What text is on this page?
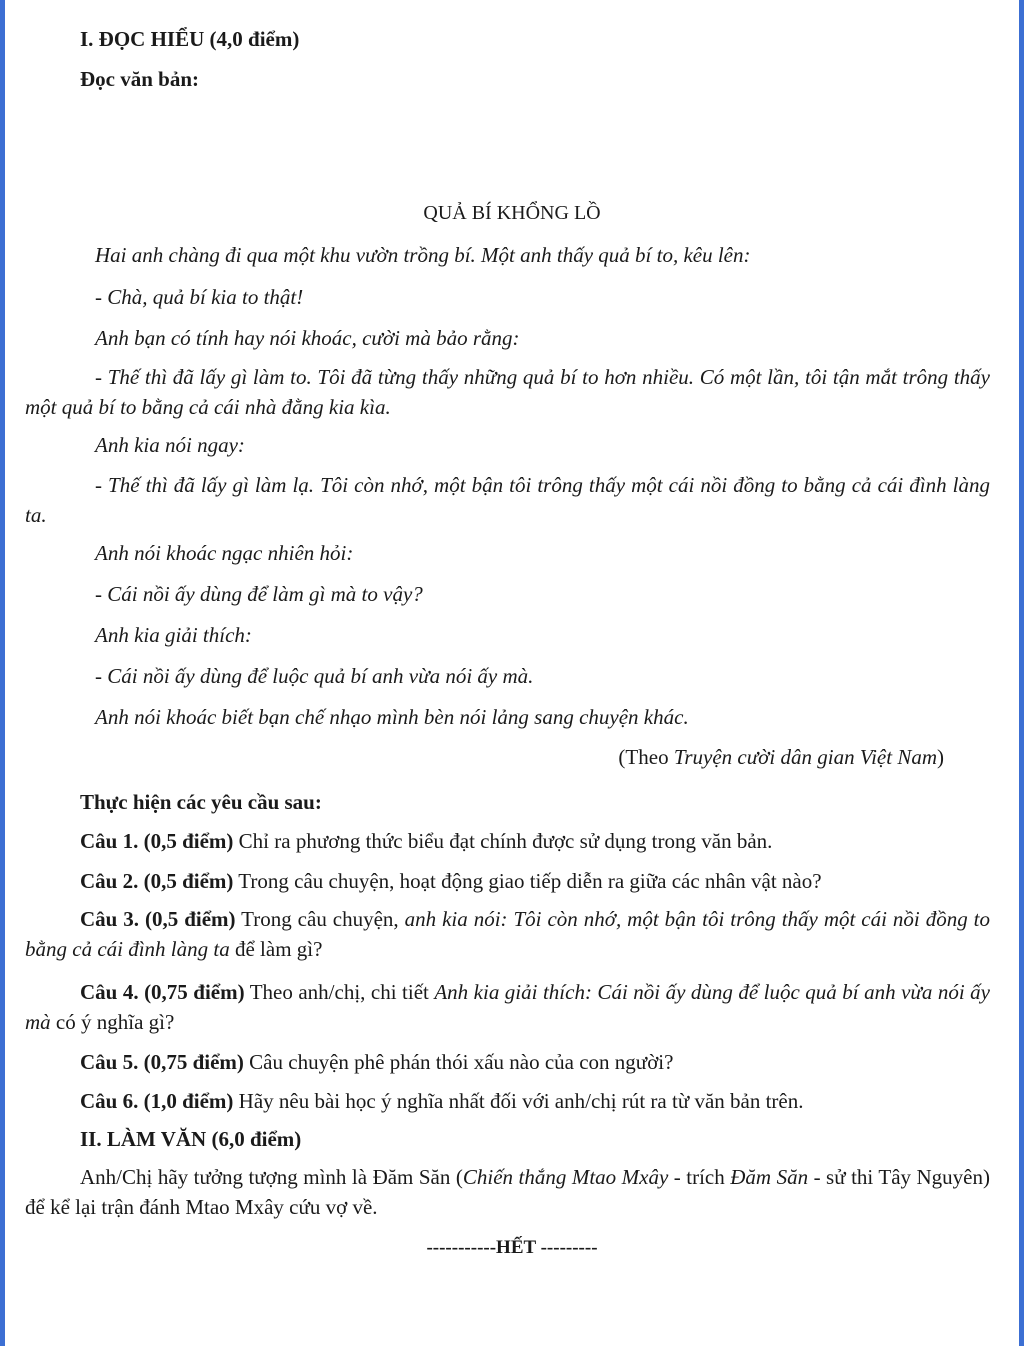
I. ĐỌC HIỂU (4,0 điểm)
Đọc văn bản:
QUẢ BÍ KHỔNG LỒ
Hai anh chàng đi qua một khu vườn trồng bí. Một anh thấy quả bí to, kêu lên:
- Chà, quả bí kia to thật!
Anh bạn có tính hay nói khoác, cười mà bảo rằng:
- Thế thì đã lấy gì làm to. Tôi đã từng thấy những quả bí to hơn nhiều. Có một lần, tôi tận mắt trông thấy một quả bí to bằng cả cái nhà đằng kia kìa.
Anh kia nói ngay:
- Thế thì đã lấy gì làm lạ. Tôi còn nhớ, một bận tôi trông thấy một cái nồi đồng to bằng cả cái đình làng ta.
Anh nói khoác ngạc nhiên hỏi:
- Cái nồi ấy dùng để làm gì mà to vậy?
Anh kia giải thích:
- Cái nồi ấy dùng để luộc quả bí anh vừa nói ấy mà.
Anh nói khoác biết bạn chế nhạo mình bèn nói lảng sang chuyện khác.
(Theo Truyện cười dân gian Việt Nam)
Thực hiện các yêu cầu sau:
Câu 1. (0,5 điểm) Chỉ ra phương thức biểu đạt chính được sử dụng trong văn bản.
Câu 2. (0,5 điểm) Trong câu chuyện, hoạt động giao tiếp diễn ra giữa các nhân vật nào?
Câu 3. (0,5 điểm) Trong câu chuyện, anh kia nói: Tôi còn nhớ, một bận tôi trông thấy một cái nồi đồng to bằng cả cái đình làng ta để làm gì?
Câu 4. (0,75 điểm) Theo anh/chị, chi tiết Anh kia giải thích: Cái nồi ấy dùng để luộc quả bí anh vừa nói ấy mà có ý nghĩa gì?
Câu 5. (0,75 điểm) Câu chuyện phê phán thói xấu nào của con người?
Câu 6. (1,0 điểm) Hãy nêu bài học ý nghĩa nhất đối với anh/chị rút ra từ văn bản trên.
II. LÀM VĂN (6,0 điểm)
Anh/Chị hãy tưởng tượng mình là Đăm Săn (Chiến thắng Mtao Mxây - trích Đăm Săn - sử thi Tây Nguyên) để kể lại trận đánh Mtao Mxây cứu vợ về.
-----------HẾT ---------
